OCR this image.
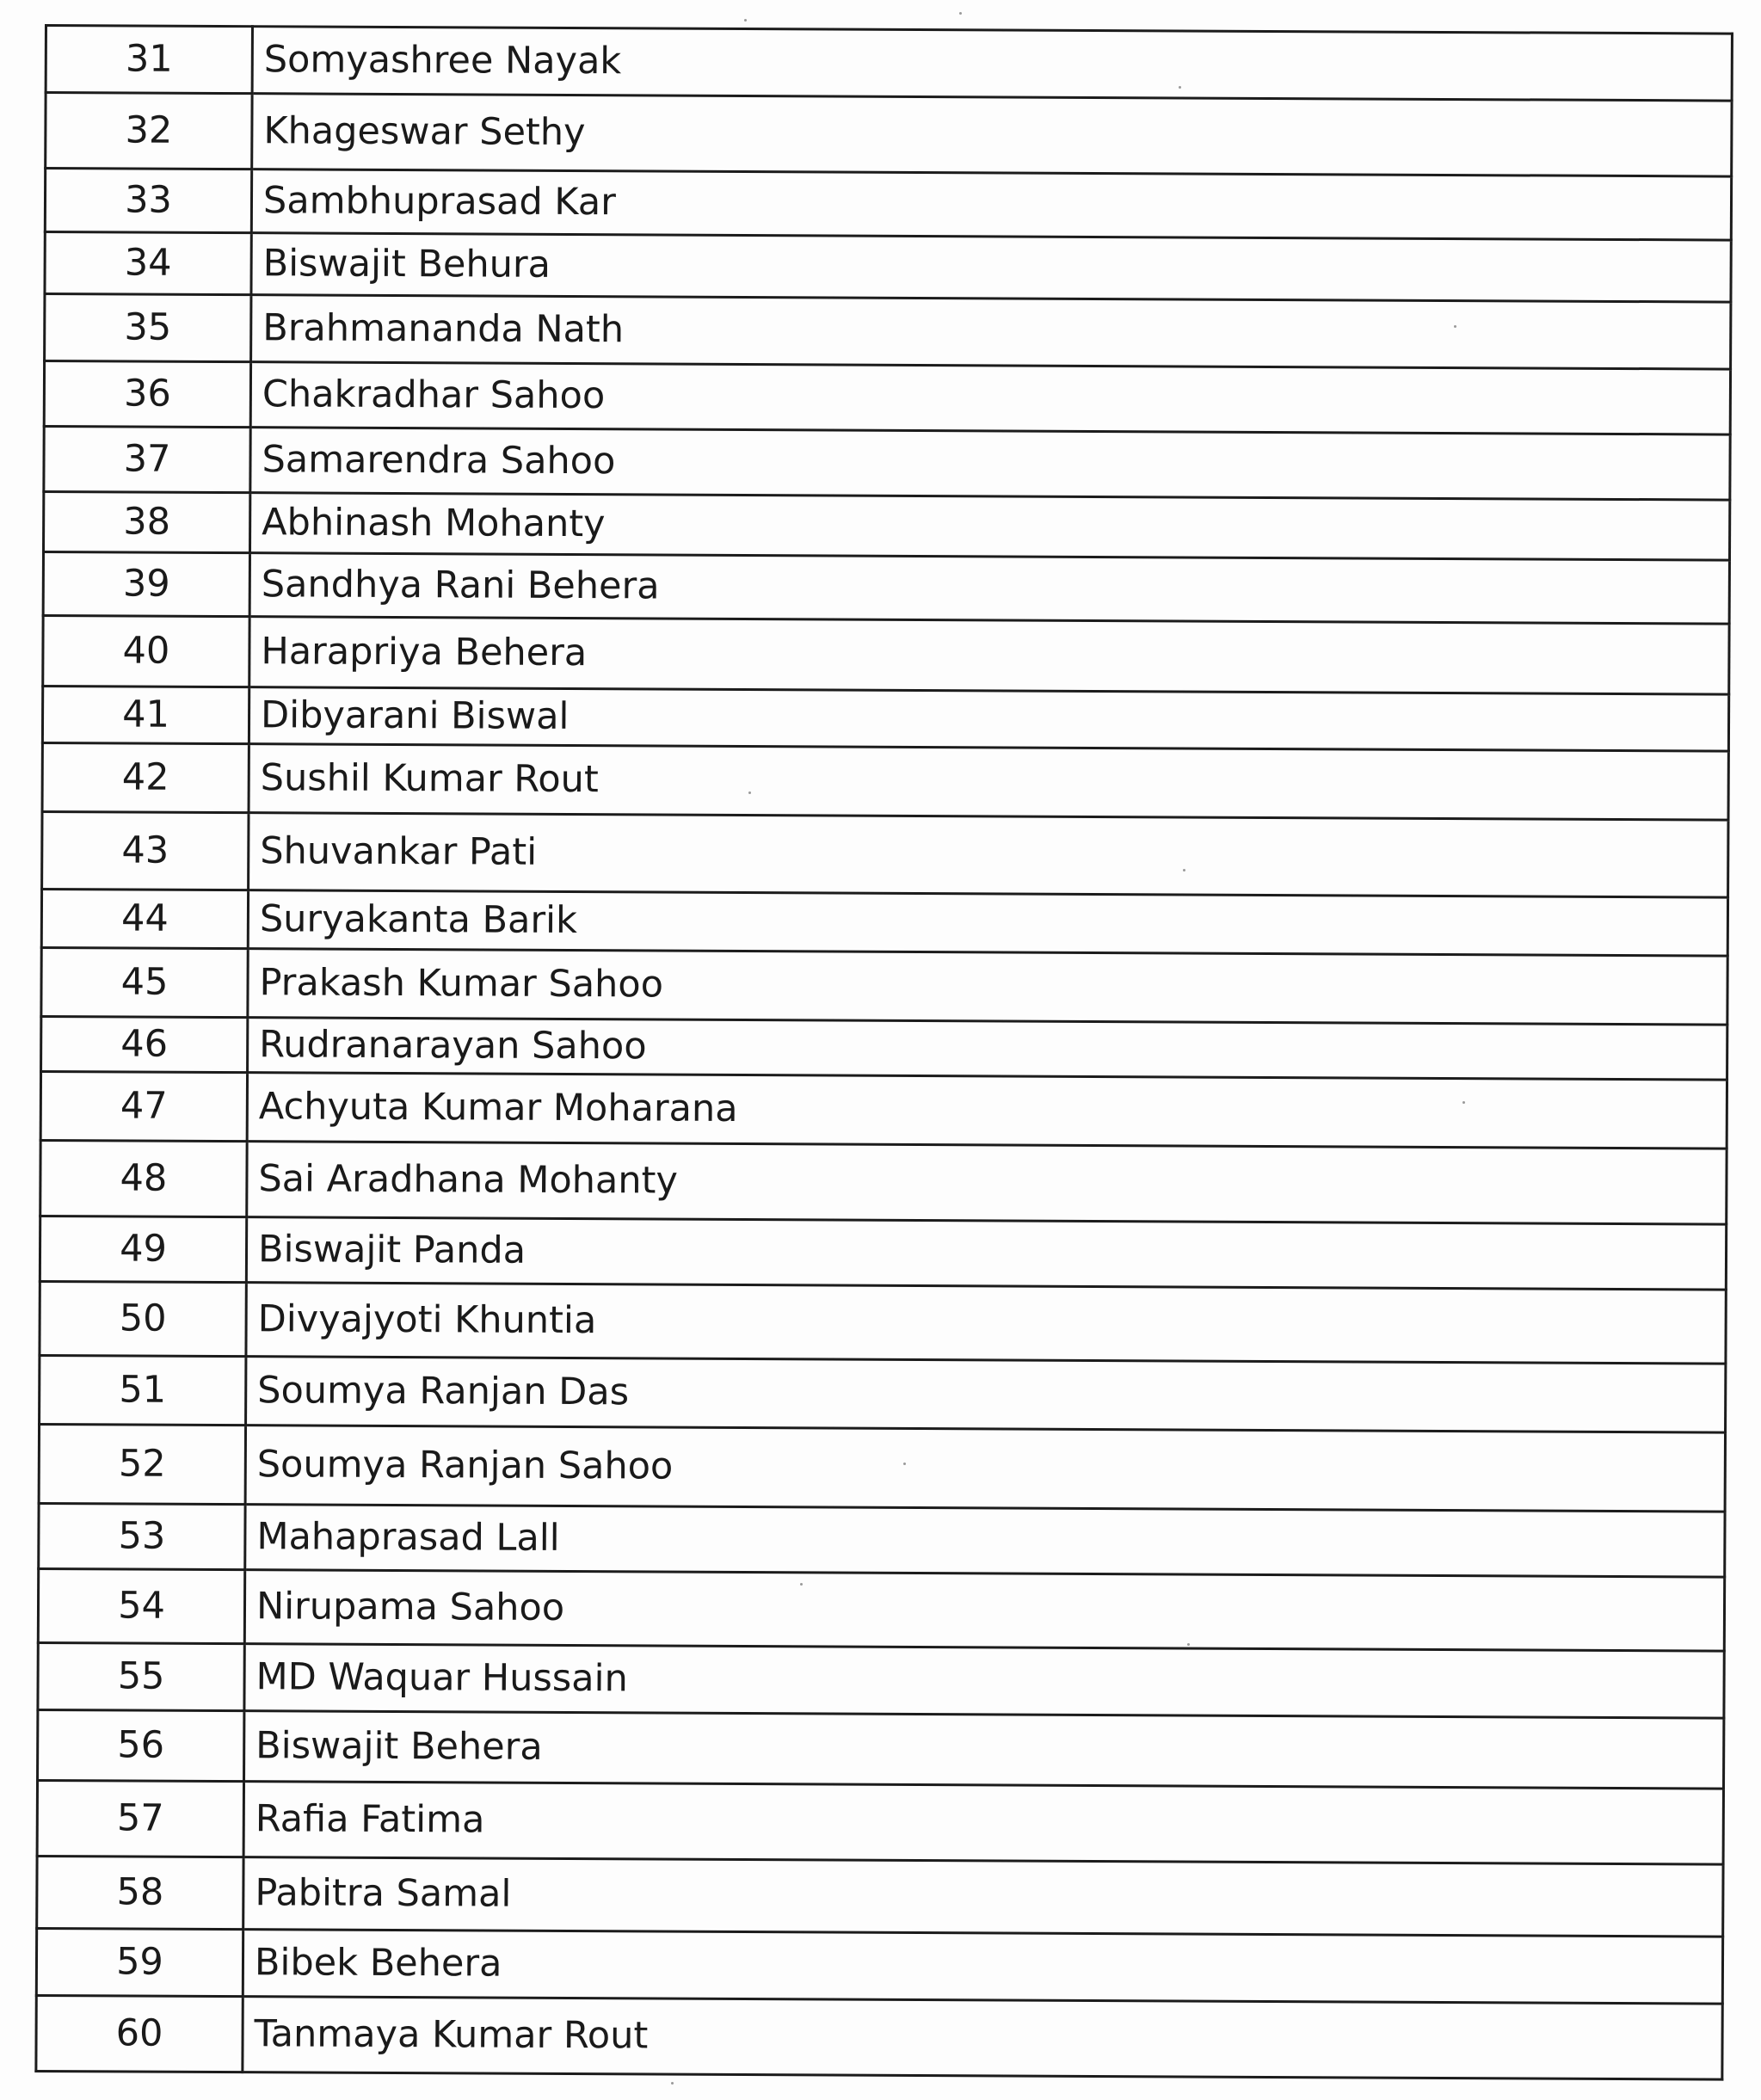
31	Somyashree Nayak
32	Khageswar Sethy
33	Sambhuprasad Kar
34	Biswajit Behura
35	Brahmananda Nath
36	Chakradhar Sahoo
37	Samarendra Sahoo
38	Abhinash Mohanty
39	Sandhya Rani Behera
40	Harapriya Behera
41	Dibyarani Biswal
42	Sushil Kumar Rout
43	Shuvankar Pati
44	Suryakanta Barik
45	Prakash Kumar Sahoo
46	Rudranarayan Sahoo
47	Achyuta Kumar Moharana
48	Sai Aradhana Mohanty
49	Biswajit Panda
50	Divyajyoti Khuntia
51	Soumya Ranjan Das
52	Soumya Ranjan Sahoo
53	Mahaprasad Lall
54	Nirupama Sahoo
55	MD Waquar Hussain
56	Biswajit Behera
57	Rafia Fatima
58	Pabitra Samal
59	Bibek Behera
60	Tanmaya Kumar Rout
